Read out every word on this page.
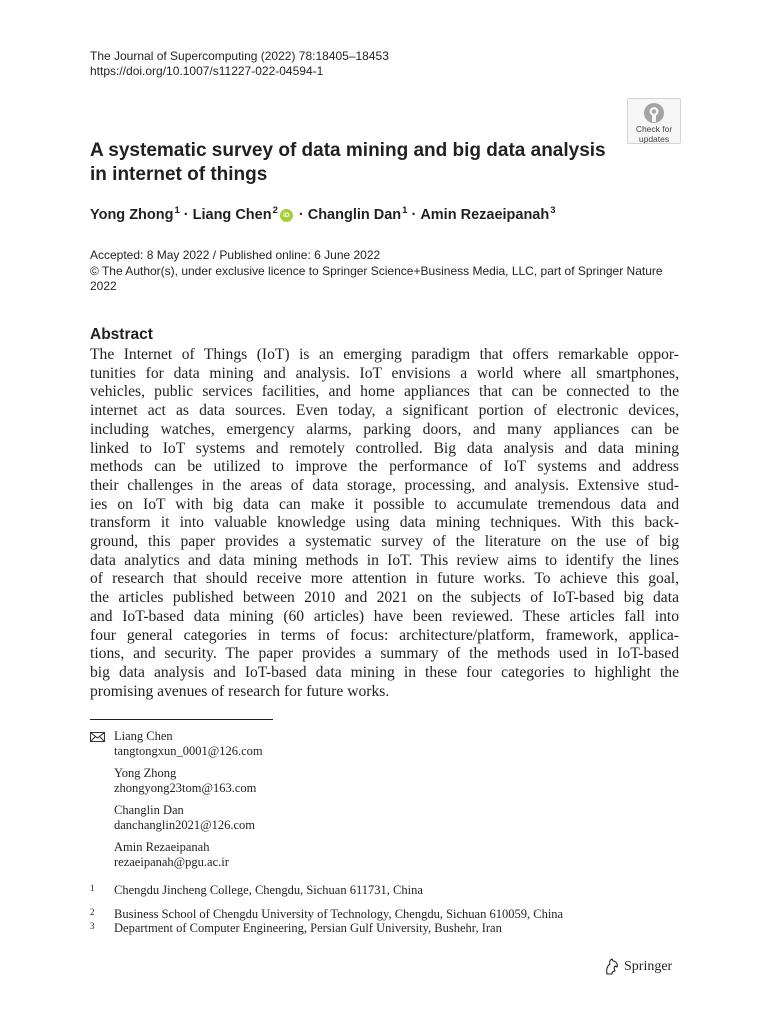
The Journal of Supercomputing (2022) 78:18405–18453
https://doi.org/10.1007/s11227-022-04594-1
Check for
updates
A systematic survey of data mining and big data analysis
in internet of things
Yong Zhong$^1$ · Liang Chen$^2$ iD · Changlin Dan$^1$ · Amin Rezaeipanah$^3$
Accepted: 8 May 2022 / Published online: 6 June 2022
© The Author(s), under exclusive licence to Springer Science+Business Media, LLC, part of Springer Nature 2022
Abstract

The Internet of Things (IoT) is an emerging paradigm that offers remarkable oppor-
tunities for data mining and analysis. IoT envisions a world where all smartphones,
vehicles, public services facilities, and home appliances that can be connected to the
internet act as data sources. Even today, a significant portion of electronic devices,
including watches, emergency alarms, parking doors, and many appliances can be
linked to IoT systems and remotely controlled. Big data analysis and data mining
methods can be utilized to improve the performance of IoT systems and address
their challenges in the areas of data storage, processing, and analysis. Extensive stud-
ies on IoT with big data can make it possible to accumulate tremendous data and
transform it into valuable knowledge using data mining techniques. With this back-
ground, this paper provides a systematic survey of the literature on the use of big
data analytics and data mining methods in IoT. This review aims to identify the lines
of research that should receive more attention in future works. To achieve this goal,
the articles published between 2010 and 2021 on the subjects of IoT-based big data
and IoT-based data mining (60 articles) have been reviewed. These articles fall into
four general categories in terms of focus: architecture/platform, framework, applica-
tions, and security. The paper provides a summary of the methods used in IoT-based
big data analysis and IoT-based data mining in these four categories to highlight the
promising avenues of research for future works.

Liang Chen
tangtongxun_0001@126.com
Yong Zhong
zhongyong23tom@163.com
Changlin Dan
danchanglin2021@126.com
Amin Rezaeipanah
rezaeipanah@pgu.ac.ir
1 Chengdu Jincheng College, Chengdu, Sichuan 611731, China
2 Business School of Chengdu University of Technology, Chengdu, Sichuan 610059, China
3 Department of Computer Engineering, Persian Gulf University, Bushehr, Iran
Springer
